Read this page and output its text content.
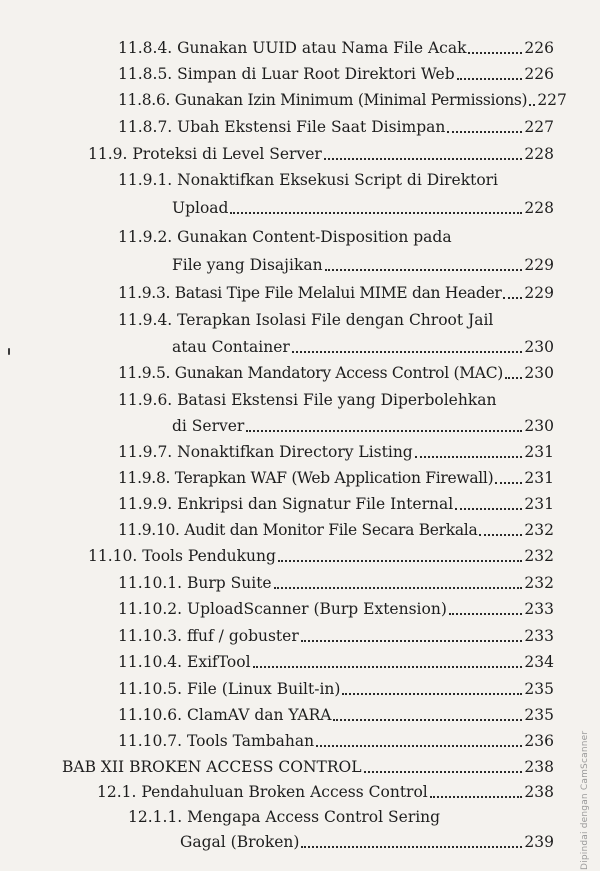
11.8.4. Gunakan UUID atau Nama File Acak	226
11.8.5. Simpan di Luar Root Direktori Web	226
11.8.6. Gunakan Izin Minimum (Minimal Permissions) 227
11.8.7. Ubah Ekstensi File Saat Disimpan	227
11.9. Proteksi di Level Server	228
11.9.1. Nonaktifkan Eksekusi Script di Direktori
Upload	228
11.9.2. Gunakan Content-Disposition pada
File yang Disajikan	229
11.9.3. Batasi Tipe File Melalui MIME dan Header 229
11.9.4. Terapkan Isolasi File dengan Chroot Jail
atau Container	230
11.9.5. Gunakan Mandatory Access Control (MAC) 230
11.9.6. Batasi Ekstensi File yang Diperbolehkan
di Server	230
11.9.7. Nonaktifkan Directory Listing	231
11.9.8. Terapkan WAF (Web Application Firewall) 231
11.9.9. Enkripsi dan Signatur File Internal	231
11.9.10. Audit dan Monitor File Secara Berkala	232
11.10. Tools Pendukung	232
11.10.1. Burp Suite	232
11.10.2. UploadScanner (Burp Extension)	233
11.10.3. ffuf / gobuster	233
11.10.4. ExifTool	234
11.10.5. File (Linux Built-in)	235
11.10.6. ClamAV dan YARA	235
11.10.7. Tools Tambahan	236
BAB XII BROKEN ACCESS CONTROL	238
12.1. Pendahuluan Broken Access Control	238
12.1.1. Mengapa Access Control Sering
Gagal (Broken)	239	Dipindai dengan CamScanner
